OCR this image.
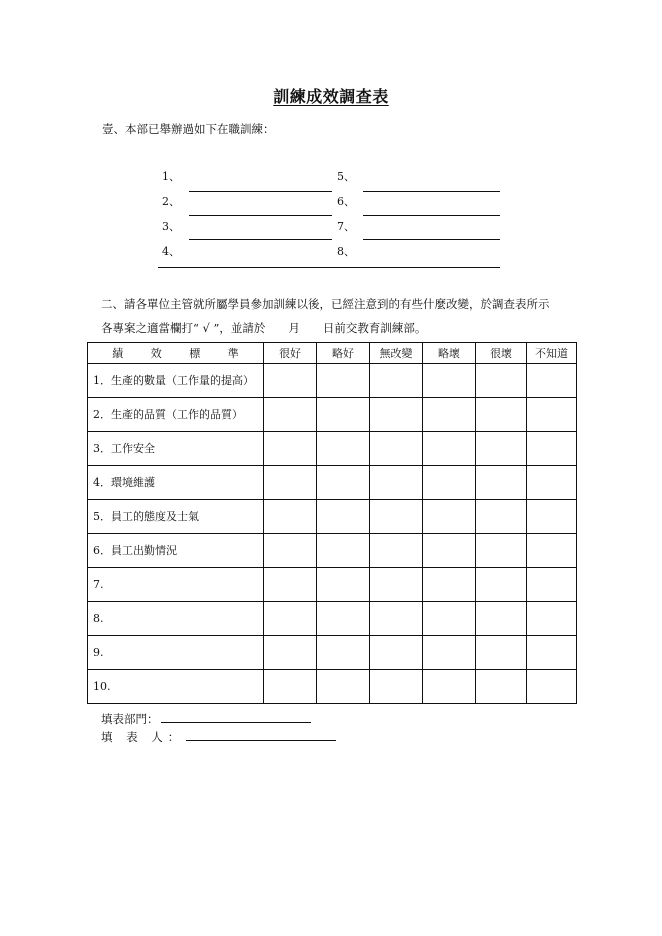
訓練成效調查表
壹、本部已舉辦過如下在職訓練：
1、
2、
3、
4、
5、
6、
7、
8、
二、請各單位主管就所屬學員參加訓練以後，已經注意到的有些什麼改變，於調查表所示
各專案之適當欄打“ √ ”，並請於　　月　　日前交教育訓練部。
績 效 標 準	很好	略好	無改變	略壞	很壞	不知道
1．生產的數量（工作量的提高）						
2．生產的品質（工作的品質）						
3．工作安全						
4．環境維護						
5．員工的態度及士氣						
6．員工出勤情況						
7.						
8.						
9.						
10.						
填表部門：
填 表 人：
